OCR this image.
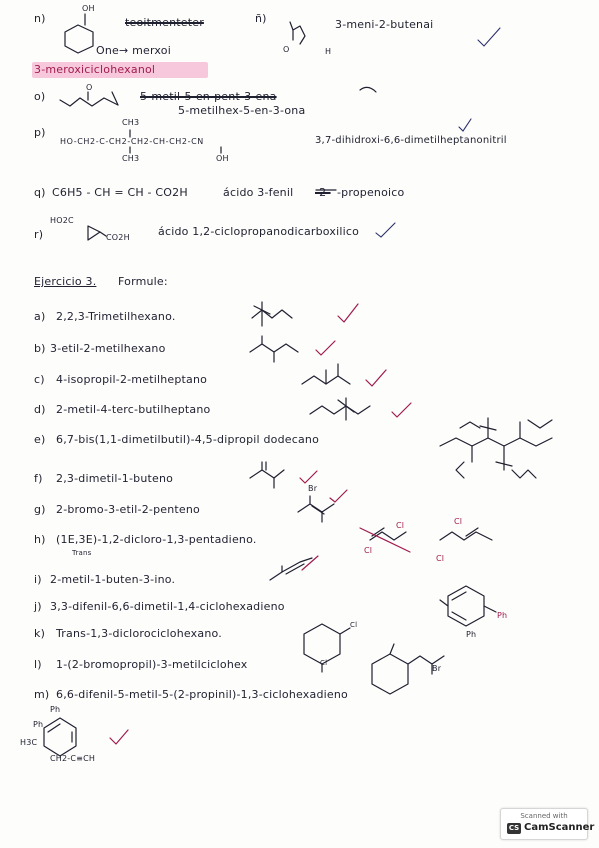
n)
OH
teoitmenteter
One→ merxoi
ñ)	3-meni-2-butenai
O	H
3-meroxiciclohexanol
o)
O
5-metil-5-en-pent-3-ena
5-metilhex-5-en-3-ona
p)
CH3
HO-CH2-C-CH2-CH2-CH-CH2-CN
CH3	OH
3,7-dihidroxi-6,6-dimetilheptanonitril
q) C6H5 - CH = CH - CO2H	ácido 3-fenil -2- -propenoico
r)
HO2C
CO2H	ácido 1,2-ciclopropanodicarboxilico
Ejercicio 3. Formule:
a) 2,2,3-Trimetilhexano.
b) 3-etil-2-metilhexano
c) 4-isopropil-2-metilheptano
d) 2-metil-4-terc-butilheptano
e) 6,7-bis(1,1-dimetilbutil)-4,5-dipropil dodecano
f) 2,3-dimetil-1-buteno
g) 2-bromo-3-etil-2-penteno
Br
h) (1E,3E)-1,2-dicloro-1,3-pentadieno.
Trans
Cl
Cl
Cl
Cl
i) 2-metil-1-buten-3-ino.
j) 3,3-difenil-6,6-dimetil-1,4-ciclohexadieno
Ph
Ph
k) Trans-1,3-diclorociclohexano.
Cl
Cl
l) 1-(2-bromopropil)-3-metilciclohex	Br
m) 6,6-difenil-5-metil-5-(2-propinil)-1,3-ciclohexadieno
Ph
Ph
H3C
CH2-C≡CH
Scanned with
CS CamScanner
